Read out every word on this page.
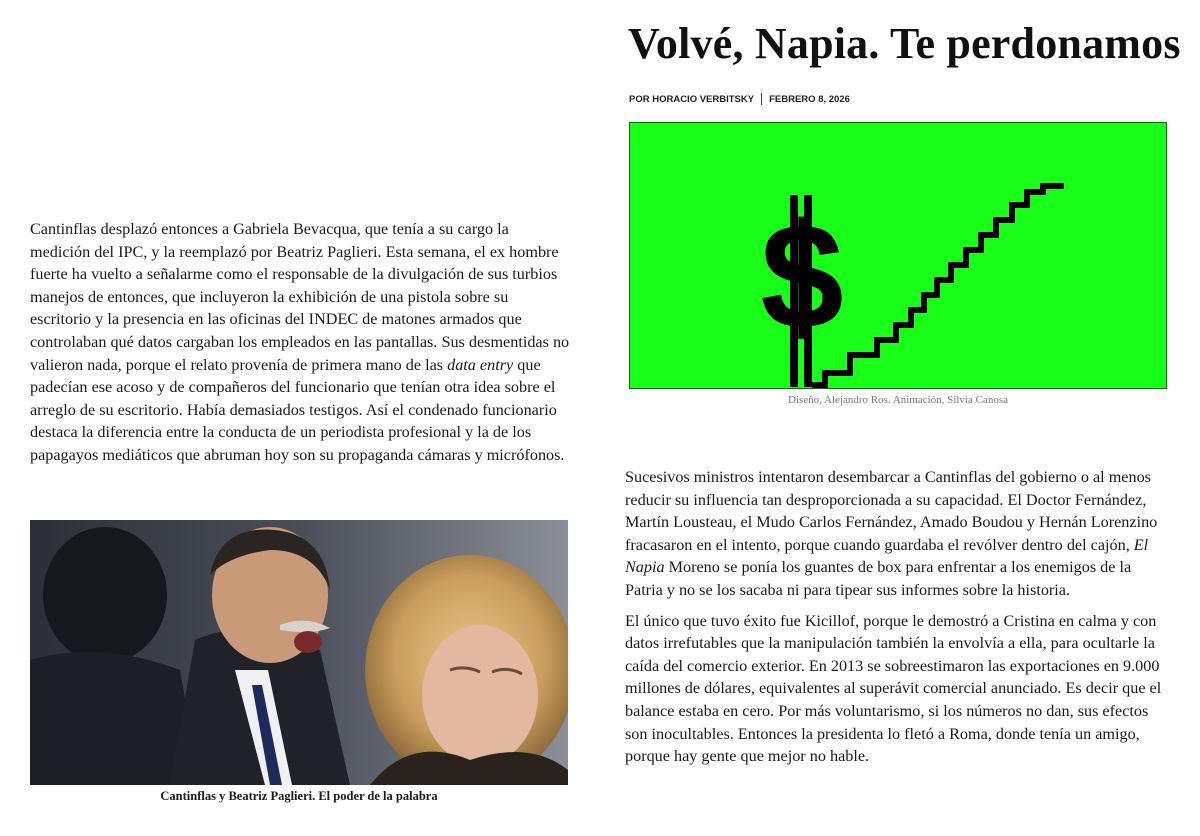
Cantinflas desplazó entonces a Gabriela Bevacqua, que tenía a su cargo la medición del IPC, y la reemplazó por Beatriz Paglieri. Esta semana, el ex hombre fuerte ha vuelto a señalarme como el responsable de la divulgación de sus turbios manejos de entonces, que incluyeron la exhibición de una pistola sobre su escritorio y la presencia en las oficinas del INDEC de matones armados que controlaban qué datos cargaban los empleados en las pantallas. Sus desmentidas no valieron nada, porque el relato provenía de primera mano de las data entry que padecían ese acoso y de compañeros del funcionario que tenían otra idea sobre el arreglo de su escritorio. Había demasiados testigos. Así el condenado funcionario destaca la diferencia entre la conducta de un periodista profesional y la de los papagayos mediáticos que abruman hoy son su propaganda cámaras y micrófonos.

Cantinflas y Beatriz Paglieri. El poder de la palabra
Volvé, Napia. Te perdonamos
POR HORACIO VERBITSKY FEBRERO 8, 2026
$
Diseño, Alejandro Ros. Animación, Silvia Canosa

Sucesivos ministros intentaron desembarcar a Cantinflas del gobierno o al menos reducir su influencia tan desproporcionada a su capacidad. El Doctor Fernández, Martín Lousteau, el Mudo Carlos Fernández, Amado Boudou y Hernán Lorenzino fracasaron en el intento, porque cuando guardaba el revólver dentro del cajón, El Napia Moreno se ponía los guantes de box para enfrentar a los enemigos de la Patria y no se los sacaba ni para tipear sus informes sobre la historia.

El único que tuvo éxito fue Kicillof, porque le demostró a Cristina en calma y con datos irrefutables que la manipulación también la envolvía a ella, para ocultarle la caída del comercio exterior. En 2013 se sobreestimaron las exportaciones en 9.000 millones de dólares, equivalentes al superávit comercial anunciado. Es decir que el balance estaba en cero. Por más voluntarismo, si los números no dan, sus efectos son inocultables. Entonces la presidenta lo fletó a Roma, donde tenía un amigo, porque hay gente que mejor no hable.
